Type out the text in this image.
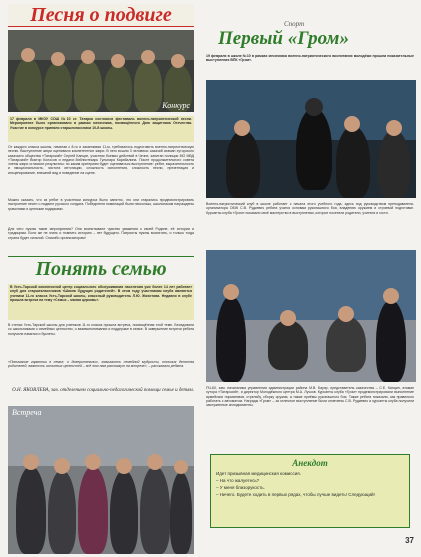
Песня о подвиге
Конкурс
17 февраля в МКОУ СОШ №10 ст. Татарка состоялся фестиваль военно-патриотической песни. Мероприятие было организовано в рамках месячника, посвящённого Дню защитника Отечества. Участие в конкурсе приняли старшеклассники 10-й школы.
От каждого класса школы, начиная с 8-го и заканчивая 11-м, требовалось подготовить военно-патриотическую песню. Выступление жюри оценивало компетентное жюри. В него вошли 3 человека: казачий атаман хуторского казачьего общества «Татарский» Сергей Канцин, участник боевых действий в Чечне, капитан полиции МО МВД «Татарский» Виктор Колосов и педагог-библиотекарь Гульнара Карабалина. После продолжительного совета члены жюри огласили результаты: по каким критериям будет оцениваться выступление: ребят, выразительность и эмоциональность, чистота интонации, сложность исполнения, сложность песни, презентация и инсценирование, внешний вид и поведение на сцене.
Можно сказать, что из ребят в участники конкурса было занятно, что они старались продемонстрировать настроение песен о подвиге русского солдата. Победителя номинаций были несколько, школьникам награждены грамотами и ценными подарками.
Для чего нужны такие мероприятия? Они воспитывают чувство уважения к своей Родине, её истории и традициям. Если же не знать и помнить историю – нет будущего. Патриоты нужны воспитать, и только тогда страна будет сильной. Спасибо организаторам!
Понять семью
В Усть-Тарской комплексной центр социального обслуживания населения уже более 14 лет работает клуб для старшеклассников «Школа будущих родителей». В этом году участникам клуба являются ученики 11-го класса Усть-Тарской школы, классный руководитель Л.Ю. Жихотова. Недавно в клубе прошла встреча на тему «Семья – малая церковь».
В стенах Усть-Тарской школы для учеников 11-го класса прошла встреча, посвящённая этой теме. Беседовали со школьниками о семейных ценностях, о взаимопонимании и поддержке в семье. В завершение встречи ребята получили памятки и буклеты.
«Понимание гармонии в семье, о доверительных, значимость семейной мудрости, отличия детства родителей, важность истинных ценностей – всё это нам расскажут на встрече», – рассказали ребята.
О.Н. ЯКОВЛЕВА, зав. отделением социально-педагогической помощи семье и детям.
Встреча
Спорт
Первый «Гром»
19 февраля в школе №10 в рамках месячника военно-патриотического воспитания молодёжи прошли показательные выступления ВПК «Гром».
Военно-патриотический клуб в школе работает с начала этого учебного года, здесь под руководством преподавателя-организатора ОБЖ С.В. Рудкевич ребята учатся основам рукопашного боя, владению оружием и строевой подготовке. Курсанты клуба «Гром» показали своё мастерство в выступлении, которое посетили родители, учителя и гости.
ПЧ-60, зам. начальника управления администрации района М.В. Бауэр, представитель казачества – С.Е. Канцин, атаман хутора «Татарский», и директор Молодёжного центра М.А. Лучков. Курсанты клуба «Гром» продемонстрировали выполнение армейских нормативов, стрельбу, сборку оружия, а также приёмы рукопашного боя. Также ребята показали, как правильно работать с автоматом. Награды «Гром» – за отличное выступление были отмечены С.В. Рудкевич и курсанты клуба получили заслуженные аплодисменты.
Анекдот
Идет призывная медицинская комиссия.
– На что жалуетесь?
– У меня близорукость.
– Ничего. Будете ходить в первых рядах, чтобы лучше видеть! Следующий!
37
